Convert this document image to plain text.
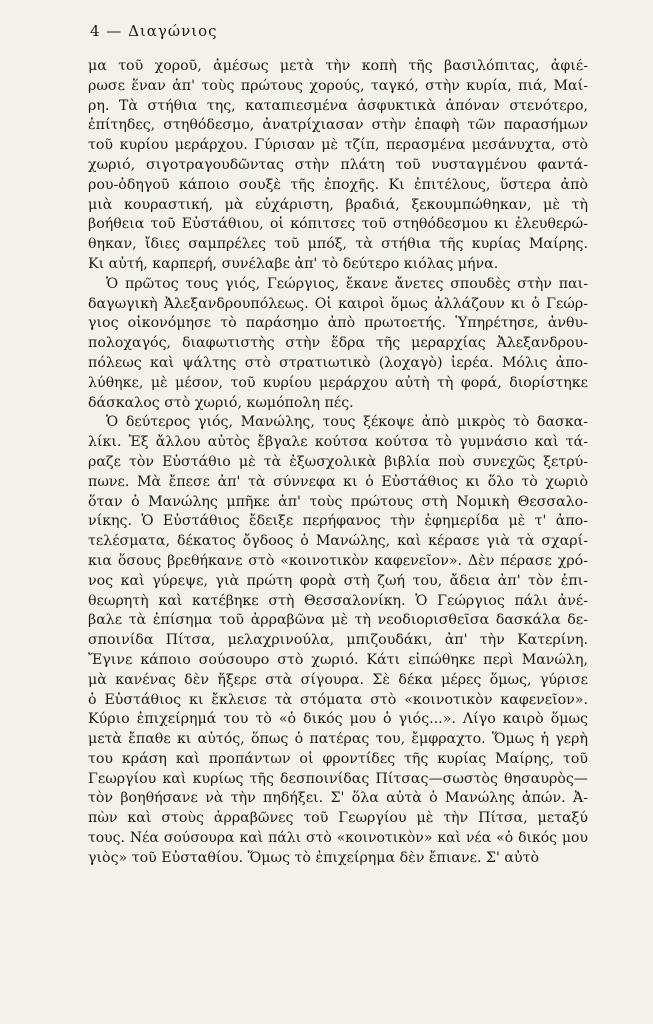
4 — Διαγώνιος
μα τοῦ χοροῦ, ἀμέσως μετὰ τὴν κοπὴ τῆς βασιλόπιτας, ἀφιέ-
ρωσε ἕναν ἀπ' τοὺς πρώτους χορούς, ταγκό, στὴν κυρία, πιά, Μαί-
ρη. Τὰ στήθια της, καταπιεσμένα ἀσφυκτικὰ ἀπόναν στενότερο,
ἐπίτηδες, στηθόδεσμο, ἀνατρίχιασαν στὴν ἐπαφὴ τῶν παρασήμων
τοῦ κυρίου μεράρχου. Γύρισαν μὲ τζίπ, περασμένα μεσάνυχτα, στὸ
χωριό, σιγοτραγουδῶντας στὴν πλάτη τοῦ νυσταγμένου φαντά-
ρου-ὁδηγοῦ κάποιο σουξὲ τῆς ἐποχῆς. Κι ἐπιτέλους, ὕστερα ἀπὸ
μιὰ κουραστική, μὰ εὐχάριστη, βραδιά, ξεκουμπώθηκαν, μὲ τὴ
βοήθεια τοῦ Εὐστάθιου, οἱ κόπιτσες τοῦ στηθόδεσμου κι ἐλευθερώ-
θηκαν, ἴδιες σαμπρέλες τοῦ μπόξ, τὰ στήθια τῆς κυρίας Μαίρης.
Κι αὐτή, καρπερή, συνέλαβε ἀπ' τὸ δεύτερο κιόλας μήνα.
Ὁ πρῶτος τους γιός, Γεώργιος, ἔκανε ἄνετες σπουδὲς στὴν παι-
δαγωγικὴ Ἀλεξανδρουπόλεως. Οἱ καιροὶ ὅμως ἀλλάζουν κι ὁ Γεώρ-
γιος οἰκονόμησε τὸ παράσημο ἀπὸ πρωτοετής. Ὑπηρέτησε, ἀνθυ-
πολοχαγός, διαφωτιστὴς στὴν ἕδρα τῆς μεραρχίας Ἀλεξανδρου-
πόλεως καὶ ψάλτης στὸ στρατιωτικὸ (λοχαγὸ) ἱερέα. Μόλις ἀπο-
λύθηκε, μὲ μέσον, τοῦ κυρίου μεράρχου αὐτὴ τὴ φορά, διορίστηκε
δάσκαλος στὸ χωριό, κωμόπολη πές.
Ὁ δεύτερος γιός, Μανώλης, τους ξέκοψε ἀπὸ μικρὸς τὸ δασκα-
λίκι. Ἐξ ἄλλου αὐτὸς ἔβγαλε κούτσα κούτσα τὸ γυμνάσιο καὶ τά-
ραζε τὸν Εὐστάθιο μὲ τὰ ἐξωσχολικὰ βιβλία ποὺ συνεχῶς ξετρύ-
πωνε. Μὰ ἔπεσε ἀπ' τὰ σύννεφα κι ὁ Εὐστάθιος κι ὅλο τὸ χωριὸ
ὅταν ὁ Μανώλης μπῆκε ἀπ' τοὺς πρώτους στὴ Νομικὴ Θεσσαλο-
νίκης. Ὁ Εὐστάθιος ἔδειξε περήφανος τὴν ἐφημερίδα μὲ τ' ἀπο-
τελέσματα, δέκατος ὄγδοος ὁ Μανώλης, καὶ κέρασε γιὰ τὰ σχαρί-
κια ὅσους βρεθήκανε στὸ «κοινοτικὸν καφενεῖον». Δὲν πέρασε χρό-
νος καὶ γύρεψε, γιὰ πρώτη φορὰ στὴ ζωή του, ἄδεια ἀπ' τὸν ἐπι-
θεωρητὴ καὶ κατέβηκε στὴ Θεσσαλονίκη. Ὁ Γεώργιος πάλι ἀνέ-
βαλε τὰ ἐπίσημα τοῦ ἀρραβῶνα μὲ τὴ νεοδιορισθεῖσα δασκάλα δε-
σποινίδα Πίτσα, μελαχρινούλα, μπιζουδάκι, ἀπ' τὴν Κατερίνη.
Ἔγινε κάποιο σούσουρο στὸ χωριό. Κάτι εἰπώθηκε περὶ Μανώλη,
μὰ κανένας δὲν ἤξερε στὰ σίγουρα. Σὲ δέκα μέρες ὅμως, γύρισε
ὁ Εὐστάθιος κι ἔκλεισε τὰ στόματα στὸ «κοινοτικὸν καφενεῖον».
Κύριο ἐπιχείρημά του τὸ «ὁ δικός μου ὁ γιός...». Λίγο καιρὸ ὅμως
μετὰ ἔπαθε κι αὐτός, ὅπως ὁ πατέρας του, ἔμφραχτο. Ὅμως ἡ γερὴ
του κράση καὶ προπάντων οἱ φροντίδες τῆς κυρίας Μαίρης, τοῦ
Γεωργίου καὶ κυρίως τῆς δεσποινίδας Πίτσας—σωστὸς θησαυρὸς—
τὸν βοηθήσανε νὰ τὴν πηδήξει. Σ' ὅλα αὐτὰ ὁ Μανώλης ἀπών. Ἀ-
πὼν καὶ στοὺς ἀρραβῶνες τοῦ Γεωργίου μὲ τὴν Πίτσα, μεταξύ
τους. Νέα σούσουρα καὶ πάλι στὸ «κοινοτικὸν» καὶ νέα «ὁ δικός μου
γιὸς» τοῦ Εὐσταθίου. Ὅμως τὸ ἐπιχείρημα δὲν ἔπιανε. Σ' αὐτὸ
